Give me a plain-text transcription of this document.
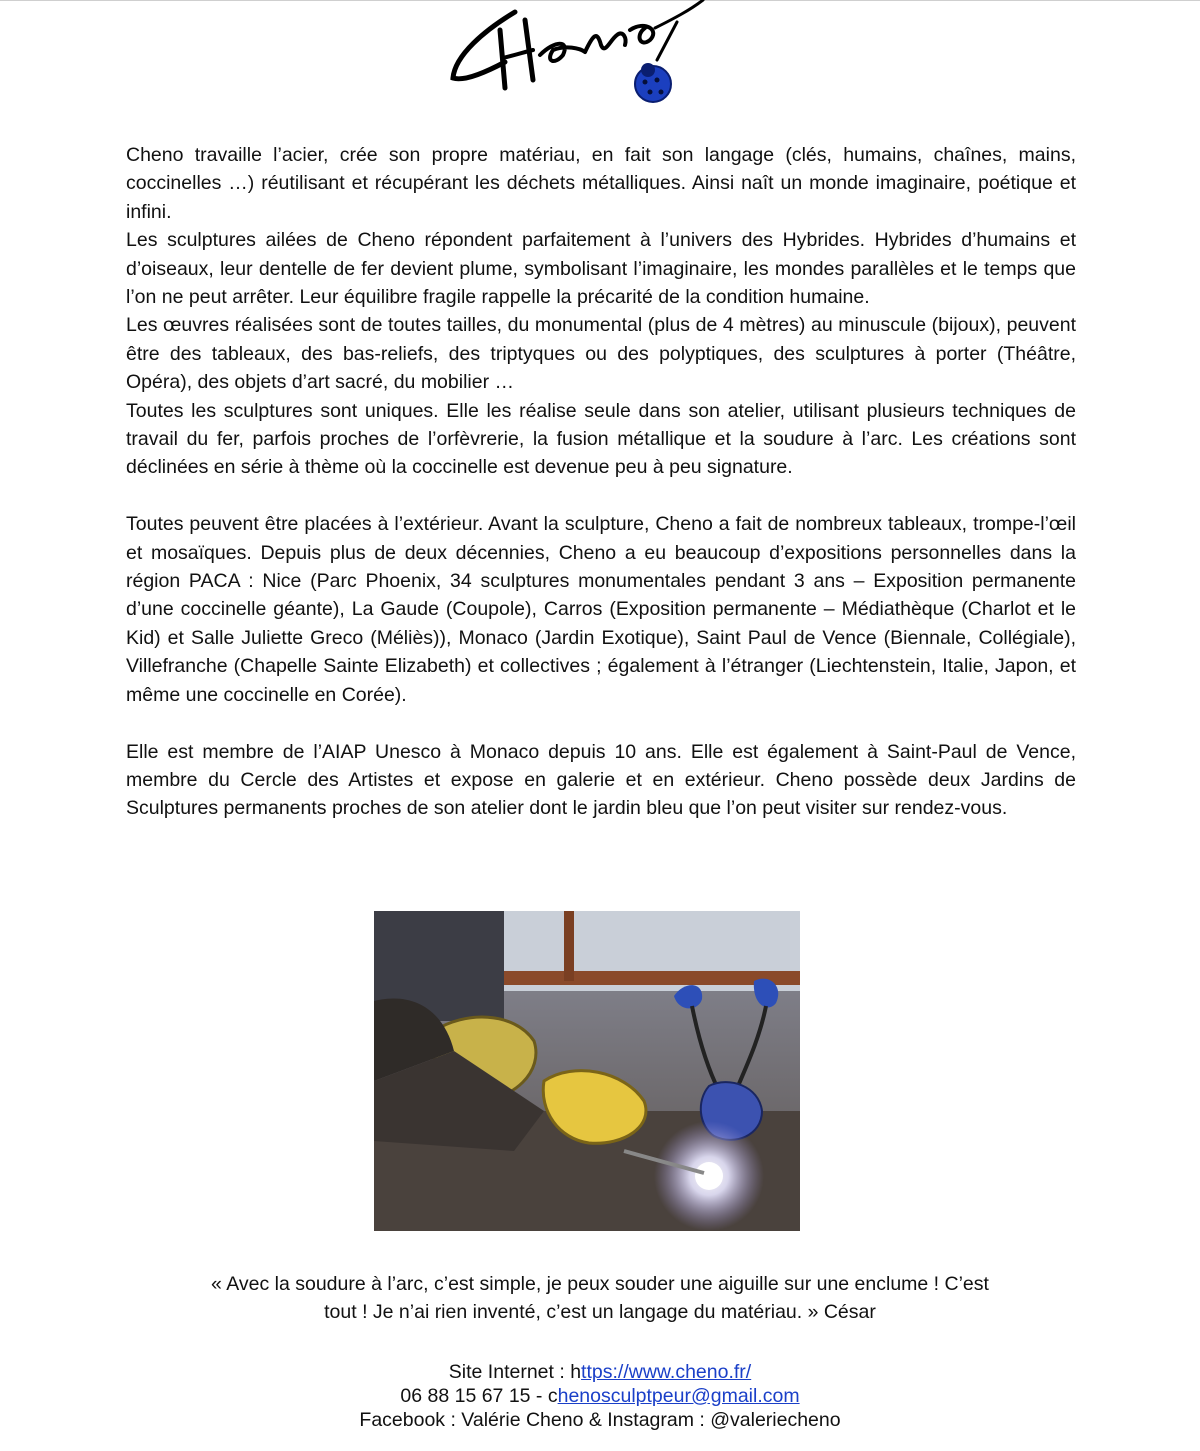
Cheno travaille l’acier, crée son propre matériau, en fait son langage (clés, humains, chaînes, mains, coccinelles …) réutilisant et récupérant les déchets métalliques. Ainsi naît un monde imaginaire, poétique et infini.

Les sculptures ailées de Cheno répondent parfaitement à l’univers des Hybrides. Hybrides d’humains et d’oiseaux, leur dentelle de fer devient plume, symbolisant l’imaginaire, les mondes parallèles et le temps que l’on ne peut arrêter. Leur équilibre fragile rappelle la précarité de la condition humaine.

Les œuvres réalisées sont de toutes tailles, du monumental (plus de 4 mètres) au minuscule (bijoux), peuvent être des tableaux, des bas-reliefs, des triptyques ou des polyptiques, des sculptures à porter (Théâtre, Opéra), des objets d’art sacré, du mobilier …

Toutes les sculptures sont uniques. Elle les réalise seule dans son atelier, utilisant plusieurs techniques de travail du fer, parfois proches de l’orfèvrerie, la fusion métallique et la soudure à l’arc. Les créations sont déclinées en série à thème où la coccinelle est devenue peu à peu signature.

Toutes peuvent être placées à l’extérieur. Avant la sculpture, Cheno a fait de nombreux tableaux, trompe-l’œil et mosaïques. Depuis plus de deux décennies, Cheno a eu beaucoup d’expositions personnelles dans la région PACA : Nice (Parc Phoenix, 34 sculptures monumentales pendant 3 ans – Exposition permanente d’une coccinelle géante), La Gaude (Coupole), Carros (Exposition permanente – Médiathèque (Charlot et le Kid) et Salle Juliette Greco (Méliès)), Monaco (Jardin Exotique), Saint Paul de Vence (Biennale, Collégiale), Villefranche (Chapelle Sainte Elizabeth) et collectives ; également à l’étranger (Liechtenstein, Italie, Japon, et même une coccinelle en Corée).

Elle est membre de l’AIAP Unesco à Monaco depuis 10 ans. Elle est également à Saint-Paul de Vence, membre du Cercle des Artistes et expose en galerie et en extérieur. Cheno possède deux Jardins de Sculptures permanents proches de son atelier dont le jardin bleu que l’on peut visiter sur rendez-vous.

« Avec la soudure à l’arc, c’est simple, je peux souder une aiguille sur une enclume ! C’est
tout ! Je n’ai rien inventé, c’est un langage du matériau. » César
Site Internet : https://www.cheno.fr/
06 88 15 67 15 - chenosculptpeur@gmail.com
Facebook : Valérie Cheno & Instagram : @valeriecheno
